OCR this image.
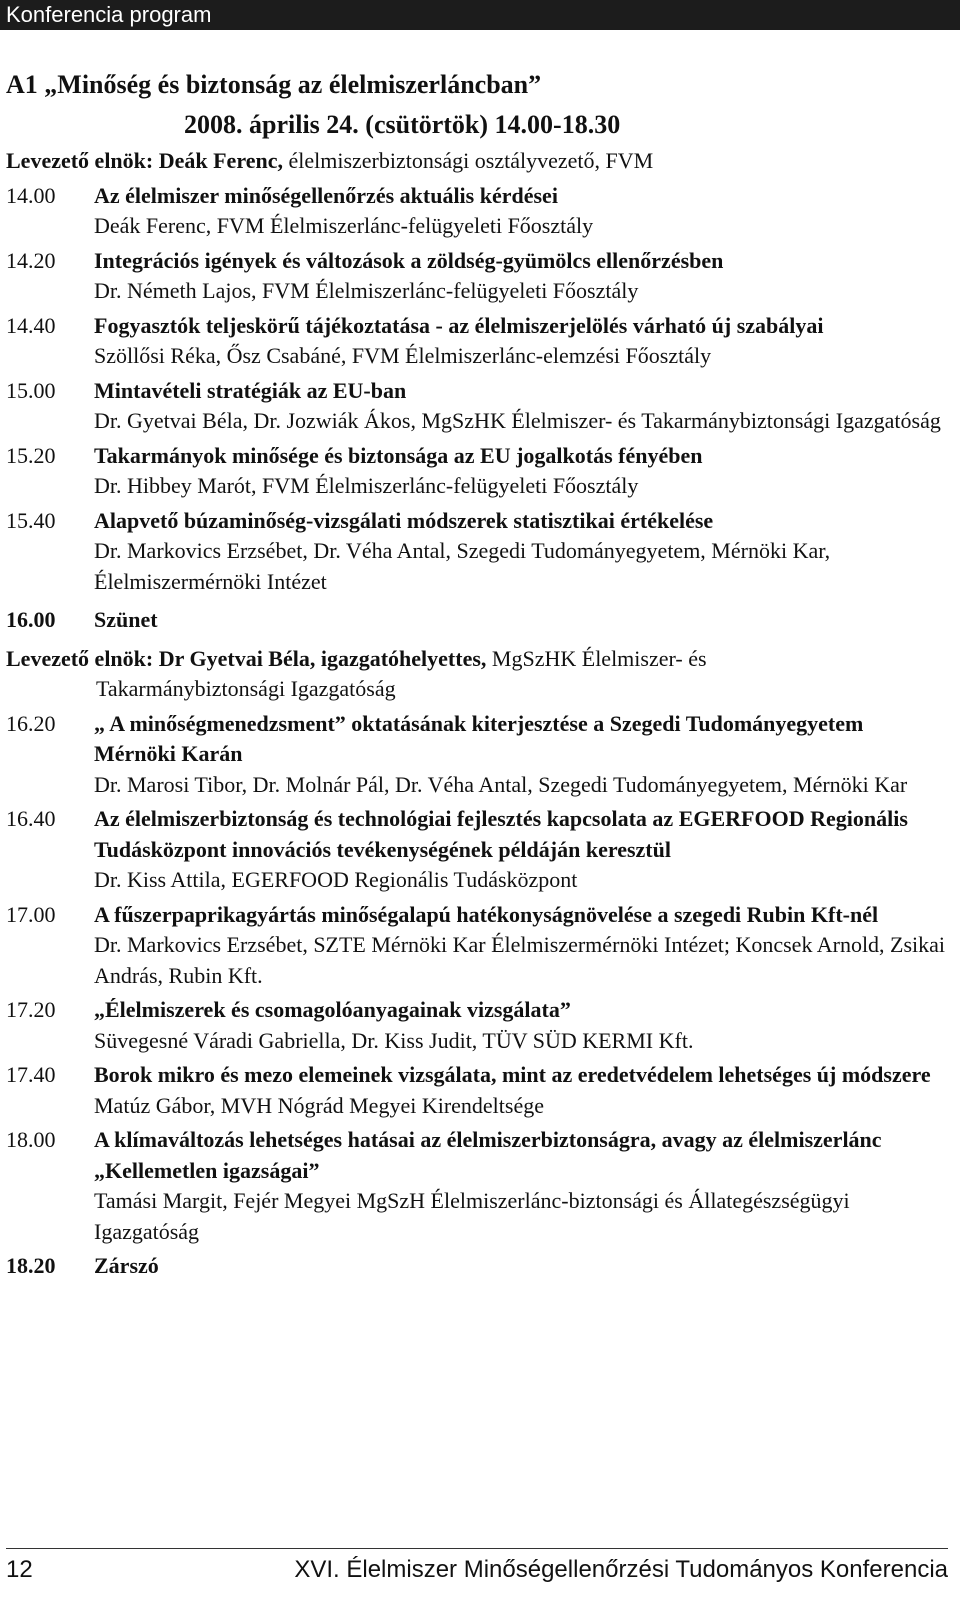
Konferencia program
A1 „Minőség és biztonság az élelmiszerláncban”
2008. április 24. (csütörtök) 14.00-18.30
Levezető elnök: Deák Ferenc, élelmiszerbiztonsági osztályvezető, FVM
14.00	Az élelmiszer minőségellenőrzés aktuális kérdései
Deák Ferenc, FVM Élelmiszerlánc-felügyeleti Főosztály
14.20	Integrációs igények és változások a zöldség-gyümölcs ellenőrzésben
Dr. Németh Lajos, FVM Élelmiszerlánc-felügyeleti Főosztály
14.40	Fogyasztók teljeskörű tájékoztatása - az élelmiszerjelölés várható új szabályai
Szöllősi Réka, Ősz Csabáné, FVM Élelmiszerlánc-elemzési Főosztály
15.00	Mintavételi stratégiák az EU-ban
Dr. Gyetvai Béla, Dr. Jozwiák Ákos, MgSzHK Élelmiszer- és Takarmánybiztonsági Igazgatóság
15.20	Takarmányok minősége és biztonsága az EU jogalkotás fényében
Dr. Hibbey Marót, FVM Élelmiszerlánc-felügyeleti Főosztály
15.40	Alapvető búzaminőség-vizsgálati módszerek statisztikai értékelése
Dr. Markovics Erzsébet, Dr. Véha Antal, Szegedi Tudományegyetem, Mérnöki Kar, Élelmiszermérnöki Intézet
16.00	Szünet
Levezető elnök: Dr Gyetvai Béla, igazgatóhelyettes, MgSzHK Élelmiszer- és
Takarmánybiztonsági Igazgatóság
16.20	„ A minőségmenedzsment” oktatásának kiterjesztése a Szegedi Tudományegyetem Mérnöki Karán
Dr. Marosi Tibor, Dr. Molnár Pál, Dr. Véha Antal, Szegedi Tudományegyetem, Mérnöki Kar
16.40	Az élelmiszerbiztonság és technológiai fejlesztés kapcsolata az EGERFOOD Regionális Tudásközpont innovációs tevékenységének példáján keresztül
Dr. Kiss Attila, EGERFOOD Regionális Tudásközpont
17.00	A fűszerpaprikagyártás minőségalapú hatékonyságnövelése a szegedi Rubin Kft-nél
Dr. Markovics Erzsébet, SZTE Mérnöki Kar Élelmiszermérnöki Intézet; Koncsek Arnold, Zsikai András, Rubin Kft.
17.20	„Élelmiszerek és csomagolóanyagainak vizsgálata”
Süvegesné Váradi Gabriella, Dr. Kiss Judit, TÜV SÜD KERMI Kft.
17.40	Borok mikro és mezo elemeinek vizsgálata, mint az eredetvédelem lehetséges új módszere
Matúz Gábor, MVH Nógrád Megyei Kirendeltsége
18.00	A klímaváltozás lehetséges hatásai az élelmiszerbiztonságra, avagy az élelmiszerlánc „Kellemetlen igazságai”
Tamási Margit, Fejér Megyei MgSzH Élelmiszerlánc-biztonsági és Állategészségügyi Igazgatóság
18.20	Zárszó
12	XVI. Élelmiszer Minőségellenőrzési Tudományos Konferencia
